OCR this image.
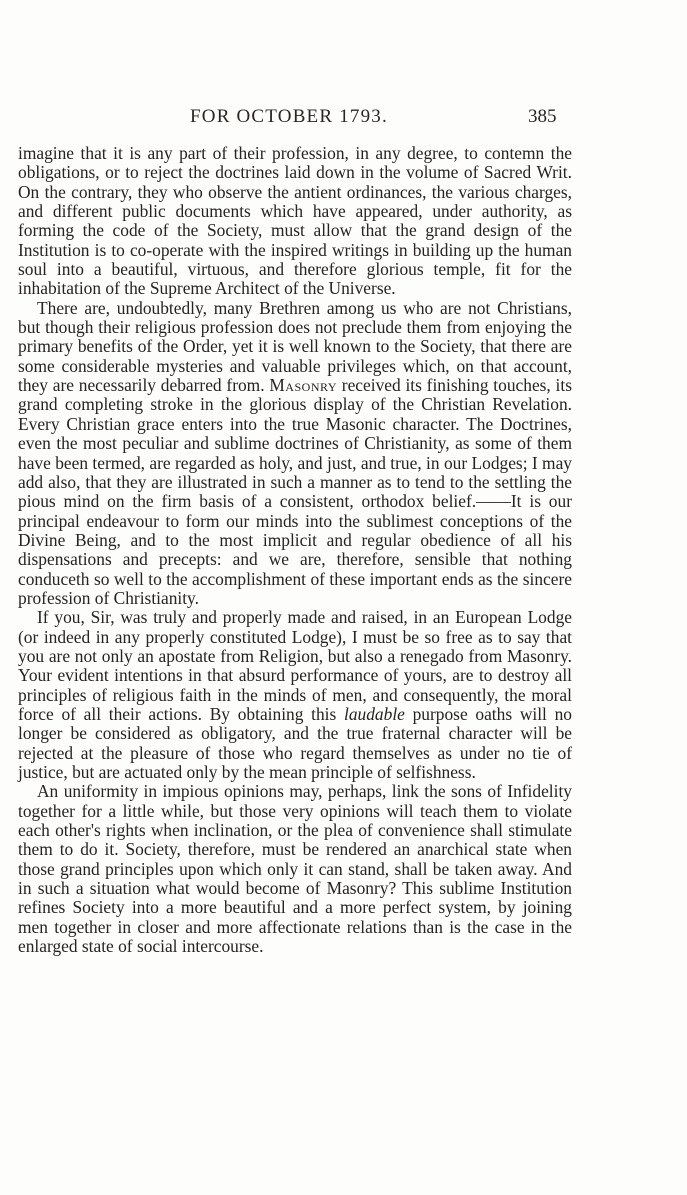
FOR OCTOBER 1793.	385

imagine that it is any part of their profession, in any degree, to contemn the obligations, or to reject the doctrines laid down in the volume of Sacred Writ. On the contrary, they who observe the antient ordinances, the various charges, and different public documents which have appeared, under authority, as forming the code of the Society, must allow that the grand design of the Institution is to co-operate with the inspired writings in building up the human soul into a beautiful, virtuous, and therefore glorious temple, fit for the inhabitation of the Supreme Architect of the Universe.

There are, undoubtedly, many Brethren among us who are not Christians, but though their religious profession does not preclude them from enjoying the primary benefits of the Order, yet it is well known to the Society, that there are some considerable mysteries and valuable privileges which, on that account, they are necessarily debarred from. Masonry received its finishing touches, its grand completing stroke in the glorious display of the Christian Revelation. Every Christian grace enters into the true Masonic character. The Doctrines, even the most peculiar and sublime doctrines of Christianity, as some of them have been termed, are regarded as holy, and just, and true, in our Lodges; I may add also, that they are illustrated in such a manner as to tend to the settling the pious mind on the firm basis of a consistent, orthodox belief.——It is our principal endeavour to form our minds into the sublimest conceptions of the Divine Being, and to the most implicit and regular obedience of all his dispensations and precepts: and we are, therefore, sensible that nothing conduceth so well to the accomplishment of these important ends as the sincere profession of Christianity.

If you, Sir, was truly and properly made and raised, in an European Lodge (or indeed in any properly constituted Lodge), I must be so free as to say that you are not only an apostate from Religion, but also a renegado from Masonry. Your evident intentions in that absurd performance of yours, are to destroy all principles of religious faith in the minds of men, and consequently, the moral force of all their actions. By obtaining this laudable purpose oaths will no longer be considered as obligatory, and the true fraternal character will be rejected at the pleasure of those who regard themselves as under no tie of justice, but are actuated only by the mean principle of selfishness.

An uniformity in impious opinions may, perhaps, link the sons of Infidelity together for a little while, but those very opinions will teach them to violate each other's rights when inclination, or the plea of convenience shall stimulate them to do it. Society, therefore, must be rendered an anarchical state when those grand principles upon which only it can stand, shall be taken away. And in such a situation what would become of Masonry? This sublime Institution refines Society into a more beautiful and a more perfect system, by joining men together in closer and more affectionate relations than is the case in the enlarged state of social intercourse.
